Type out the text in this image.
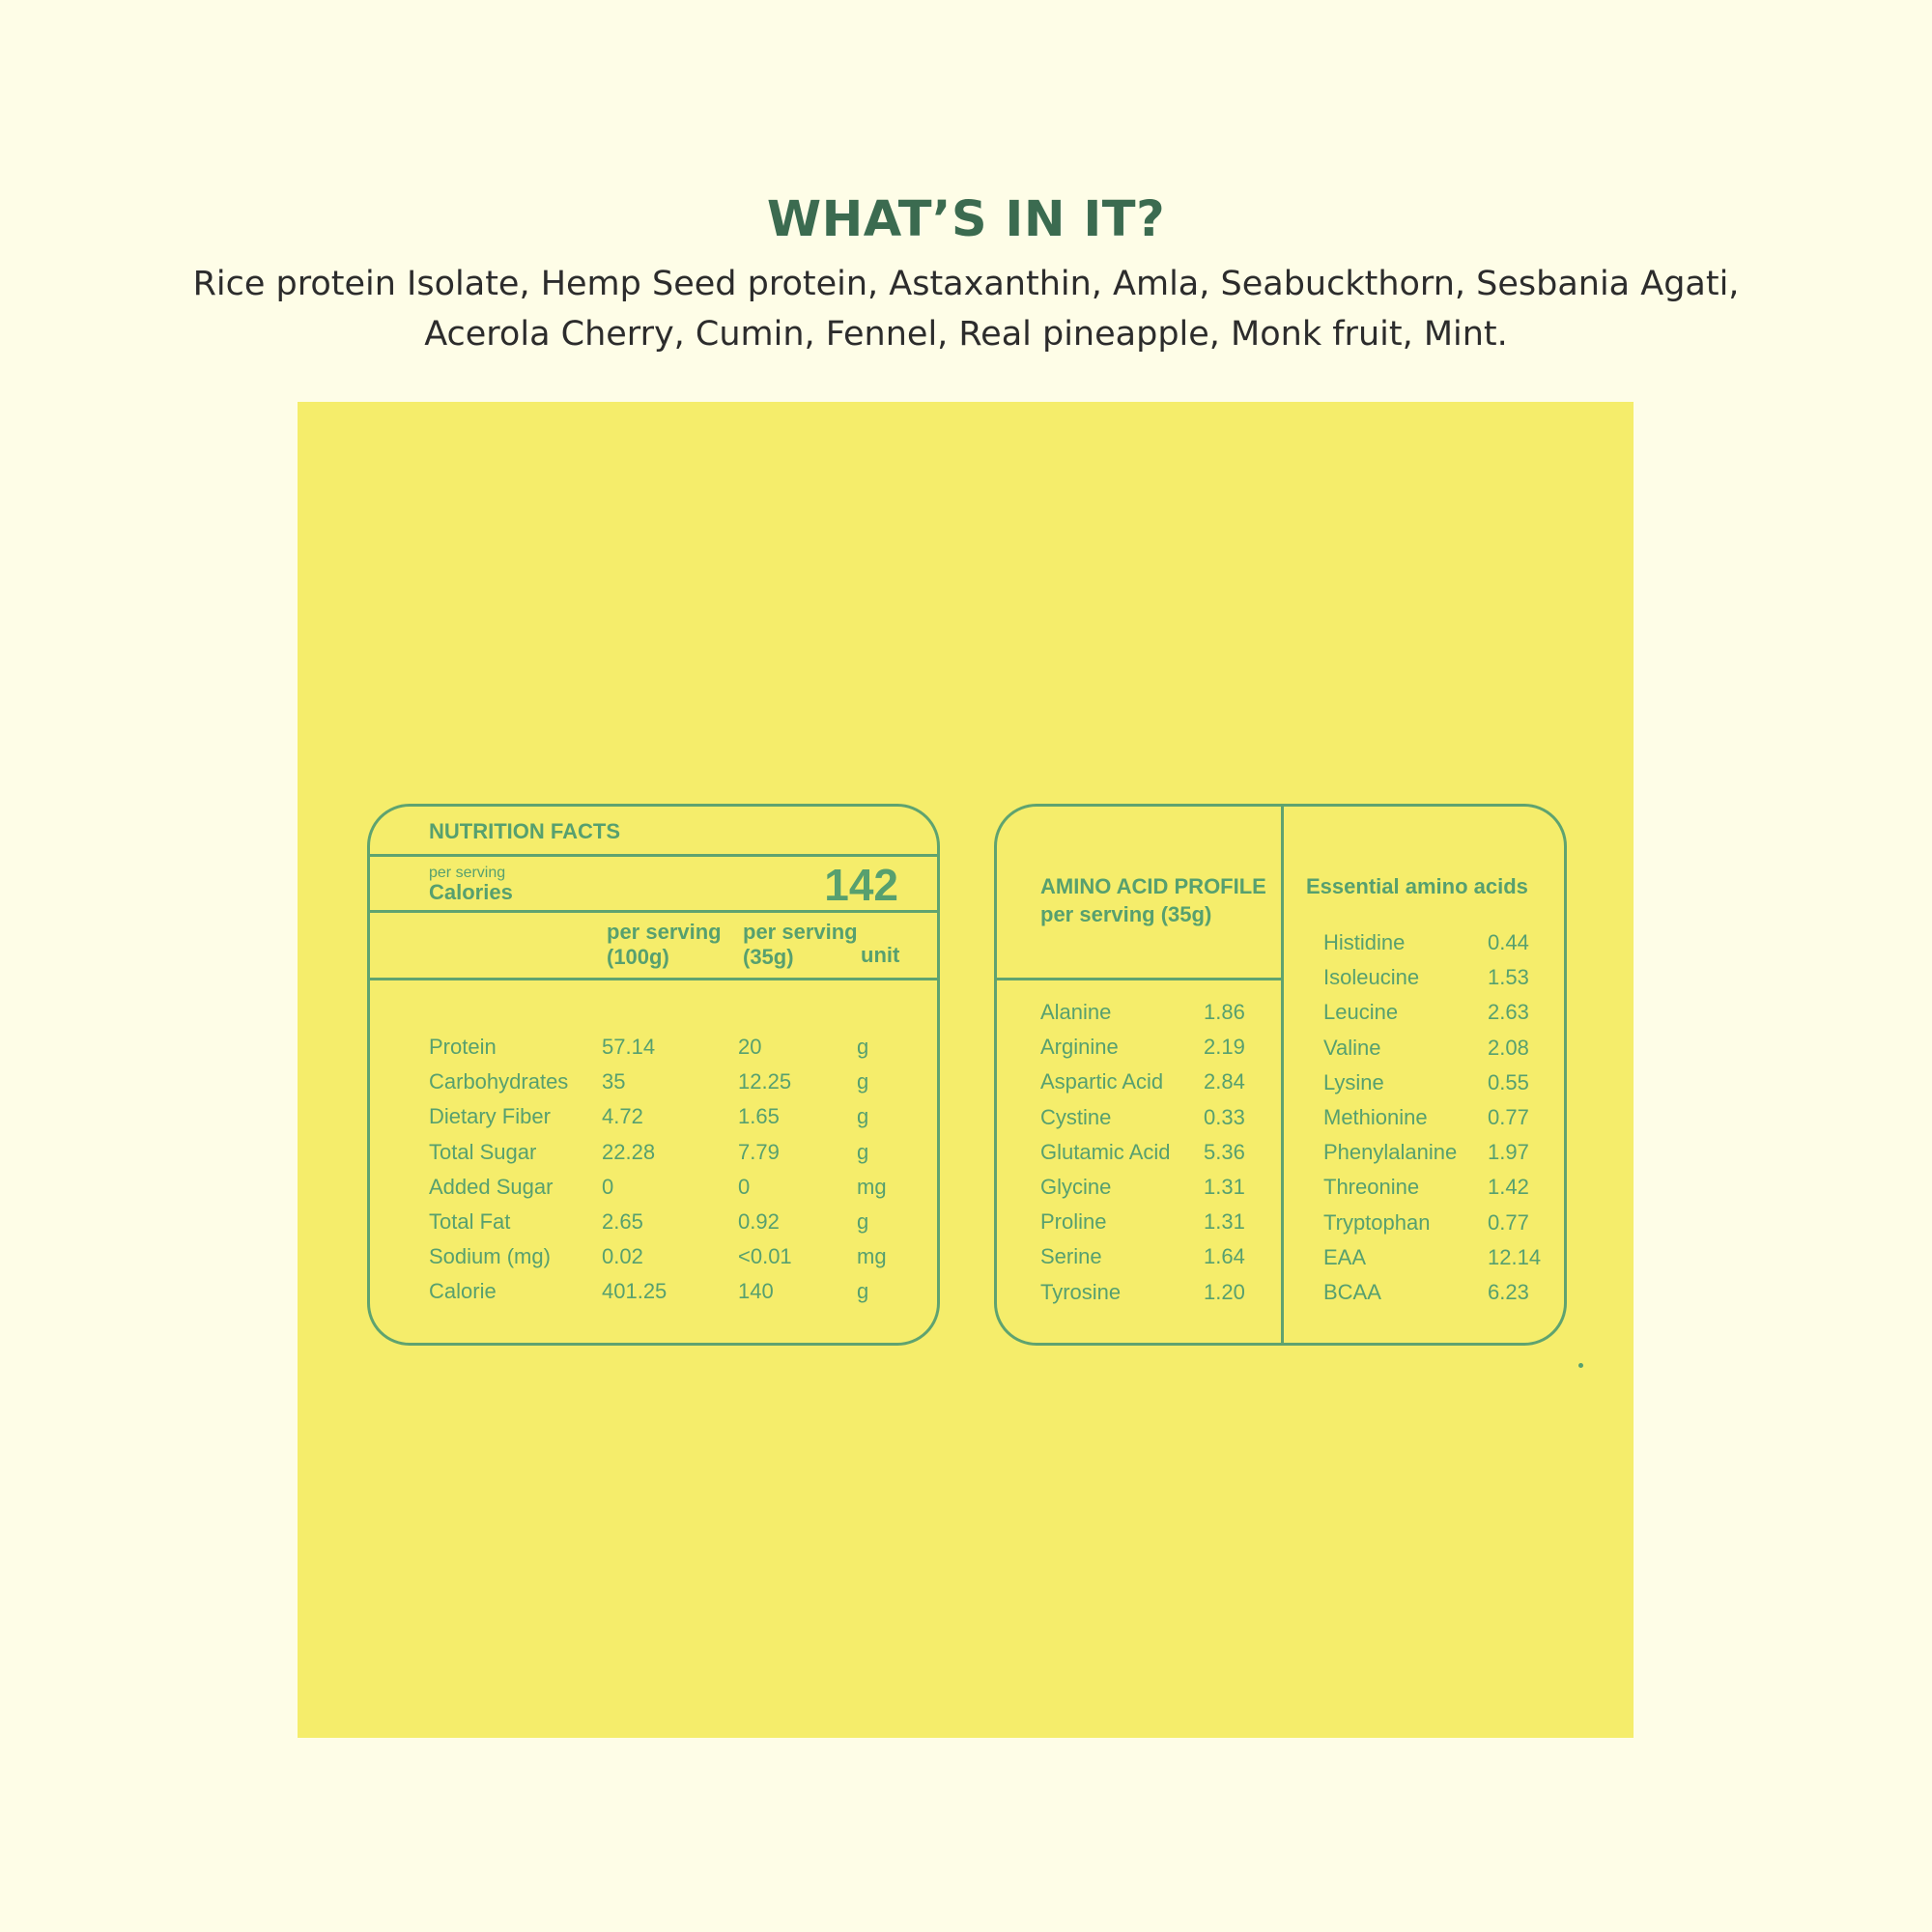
WHAT’S IN IT?

Rice protein Isolate, Hemp Seed protein, Astaxanthin, Amla, Seabuckthorn, Sesbania Agati,
Acerola Cherry, Cumin, Fennel, Real pineapple, Monk fruit, Mint.

NUTRITION FACTS
per serving
Calories	142
per serving
(100g)
per serving
(35g)	unit
Protein	57.14	20	g
Carbohydrates 35	12.25	g
Dietary Fiber 4.72	1.65	g
Total Sugar	22.28	7.79	g
Added Sugar 0	0	mg
Total Fat	2.65	0.92	g
Sodium (mg) 0.02	<0.01	mg
Calorie	401.25	140	g
AMINO ACID PROFILE
per serving (35g)
Essential amino acids
Alanine	1.86
Arginine	2.19
Aspartic Acid 2.84
Cystine	0.33
Glutamic Acid 5.36
Glycine	1.31
Proline	1.31
Serine	1.64
Tyrosine	1.20
Histidine	0.44
Isoleucine	1.53
Leucine	2.63
Valine	2.08
Lysine	0.55
Methionine	0.77
Phenylalanine 1.97
Threonine	1.42
Tryptophan	0.77
EAA	12.14
BCAA	6.23
